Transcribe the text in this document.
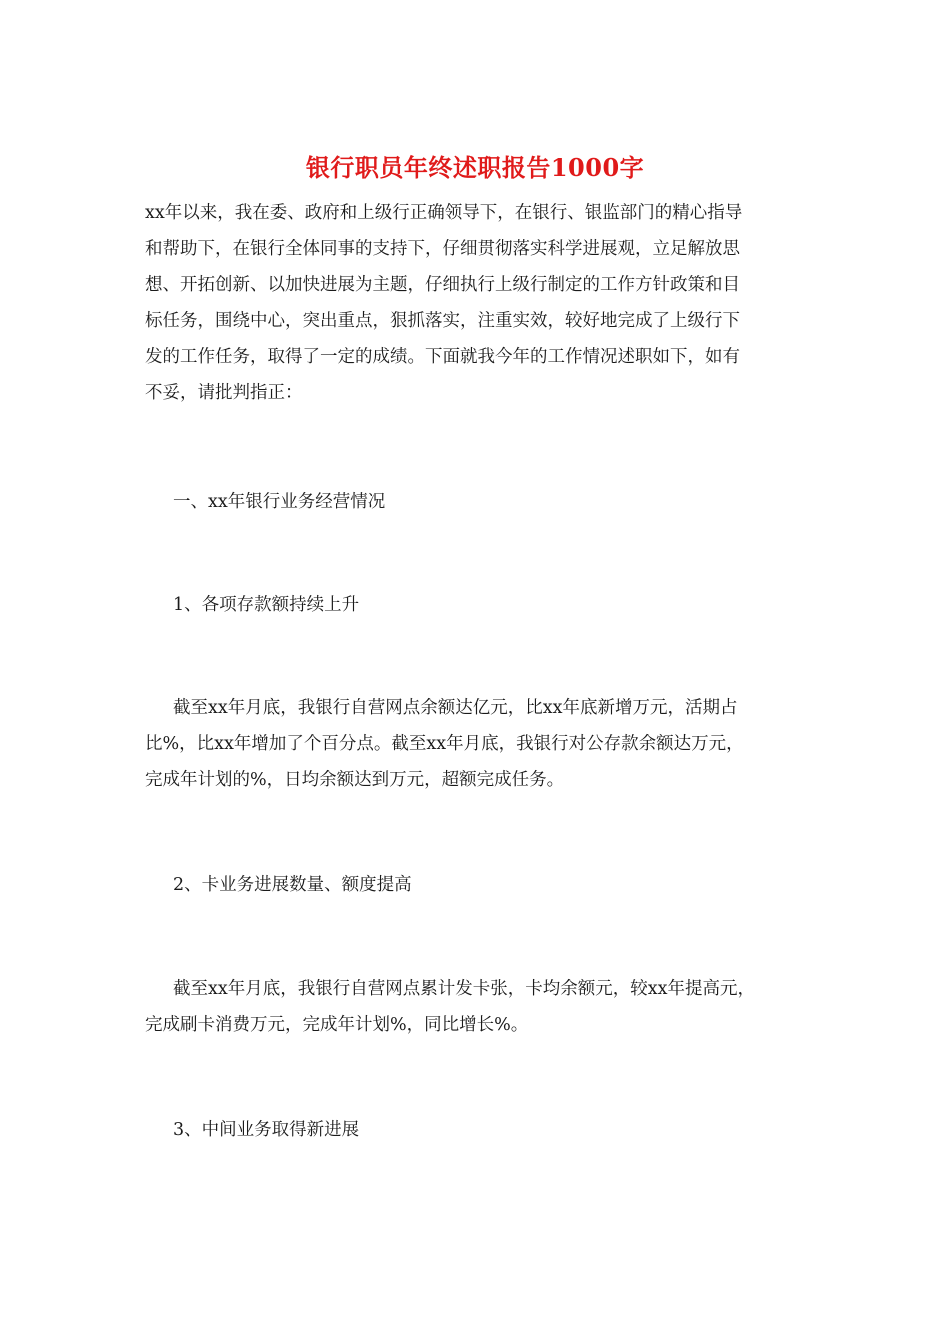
银行职员年终述职报告1000字
xx年以来，我在委、政府和上级行正确领导下，在银行、银监部门的精心指导
和帮助下，在银行全体同事的支持下，仔细贯彻落实科学进展观，立足解放思
想、开拓创新、以加快进展为主题，仔细执行上级行制定的工作方针政策和目
标任务，围绕中心，突出重点，狠抓落实，注重实效，较好地完成了上级行下
发的工作任务，取得了一定的成绩。下面就我今年的工作情况述职如下，如有
不妥，请批判指正：
一、xx年银行业务经营情况
1、各项存款额持续上升
截至xx年月底，我银行自营网点余额达亿元，比xx年底新增万元，活期占
比%，比xx年增加了个百分点。截至xx年月底，我银行对公存款余额达万元，
完成年计划的%，日均余额达到万元，超额完成任务。
2、卡业务进展数量、额度提高
截至xx年月底，我银行自营网点累计发卡张，卡均余额元，较xx年提高元，
完成刷卡消费万元，完成年计划%，同比增长%。
3、中间业务取得新进展
